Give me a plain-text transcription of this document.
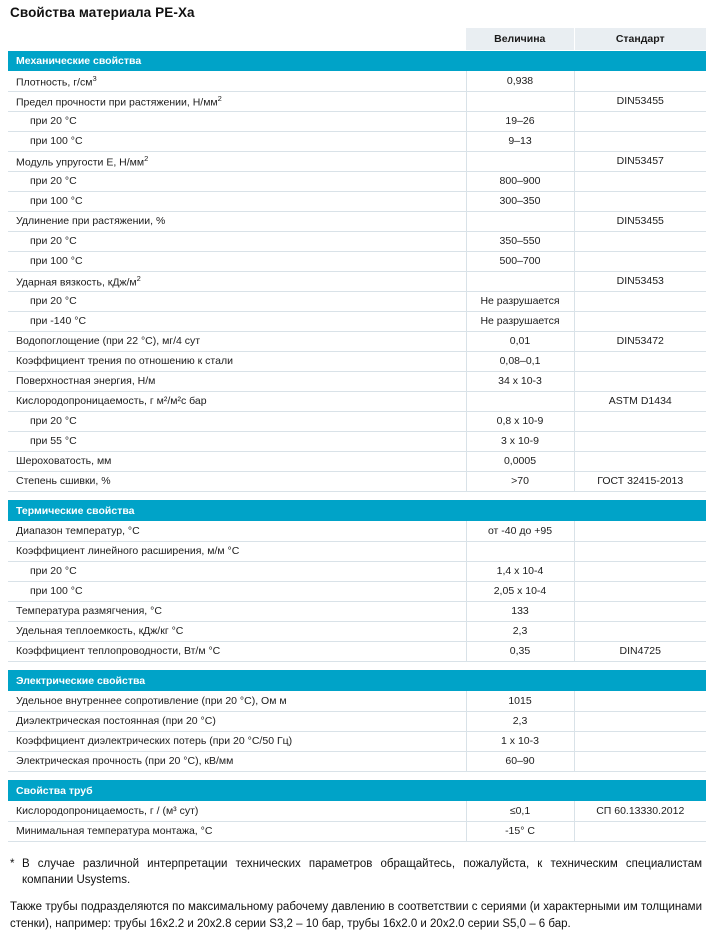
Свойства материала PE-Xa
	Величина	Стандарт
Механические свойства		
Плотность, $г/см^3$	0,938	
Предел прочности при растяжении, $Н/мм^2$		DIN53455
при 20 °C	19–26	
при 100 °C	9–13	
Модуль упругости E, $Н/мм^2$		DIN53457
при 20 °C	800–900	
при 100 °C	300–350	
Удлинение при растяжении, %		DIN53455
при 20 °C	350–550	
при 100 °C	500–700	
Ударная вязкость, кДж/$м^2$		DIN53453
при 20 °C	Не разрушается	
при -140 °C	Не разрушается	
Водопоглощение (при 22 °C), мг/4 сут	0,01	DIN53472
Коэффициент трения по отношению к стали	0,08–0,1	
Поверхностная энергия, Н/м	34 x 10-3	
Кислородопроницаемость, г м²/м²с бар		ASTM D1434
при 20 °C	0,8 x 10-9	
при 55 °C	3 x 10-9	
Шероховатость, мм	0,0005	
Степень сшивки, %	>70	ГОСТ 32415-2013

Термические свойства		
Диапазон температур, °C	от -40 до +95	
Коэффициент линейного расширения, м/м °C		
при 20 °C	1,4 x 10-4	
при 100 °C	2,05 x 10-4	
Температура размягчения, °C	133	
Удельная теплоемкость, кДж/кг °C	2,3	
Коэффициент теплопроводности, Вт/м °C	0,35	DIN4725

Электрические свойства		
Удельное внутреннее сопротивление (при 20 °C), Ом м	1015	
Диэлектрическая постоянная (при 20 °C)	2,3	
Коэффициент диэлектрических потерь (при 20 °C/50 Гц)	1 x 10-3	
Электрическая прочность (при 20 °C), кВ/мм	60–90	

Свойства труб		
Кислородопроницаемость, г / (м³ сут)	≤0,1	СП 60.13330.2012
Минимальная температура монтажа, °C	-15° С	
* В случае различной интерпретации технических параметров обращайтесь, пожалуйста, к техническим специалистам компании Usystems.
Также трубы подразделяются по максимальному рабочему давлению в соответствии с сериями (и характерными им толщинами стенки), например: трубы 16x2.2 и 20x2.8 серии S3,2 – 10 бар, трубы 16x2.0 и 20x2.0 серии S5,0 – 6 бар.
